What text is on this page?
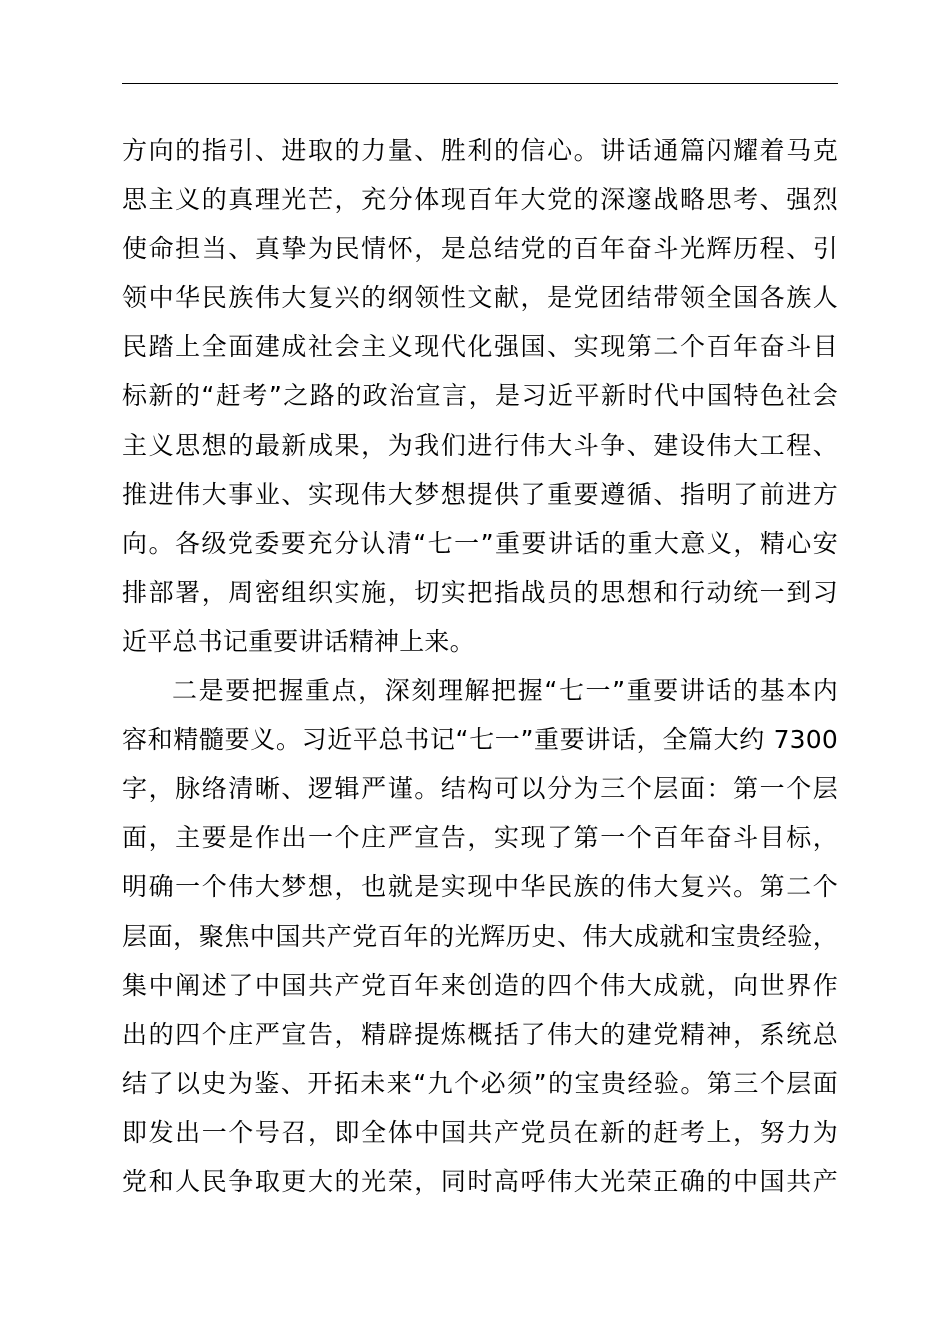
方向的指引、进取的力量、胜利的信心。讲话通篇闪耀着马克
思主义的真理光芒，充分体现百年大党的深邃战略思考、强烈
使命担当、真挚为民情怀，是总结党的百年奋斗光辉历程、引
领中华民族伟大复兴的纲领性文献，是党团结带领全国各族人
民踏上全面建成社会主义现代化强国、实现第二个百年奋斗目
标新的“赶考”之路的政治宣言，是习近平新时代中国特色社会
主义思想的最新成果，为我们进行伟大斗争、建设伟大工程、
推进伟大事业、实现伟大梦想提供了重要遵循、指明了前进方
向。各级党委要充分认清“七一”重要讲话的重大意义，精心安
排部署，周密组织实施，切实把指战员的思想和行动统一到习
近平总书记重要讲话精神上来。
二是要把握重点，深刻理解把握“七一”重要讲话的基本内
容和精髓要义。习近平总书记“七一”重要讲话，全篇大约 7300
字，脉络清晰、逻辑严谨。结构可以分为三个层面：第一个层
面，主要是作出一个庄严宣告，实现了第一个百年奋斗目标，
明确一个伟大梦想，也就是实现中华民族的伟大复兴。第二个
层面，聚焦中国共产党百年的光辉历史、伟大成就和宝贵经验，
集中阐述了中国共产党百年来创造的四个伟大成就，向世界作
出的四个庄严宣告，精辟提炼概括了伟大的建党精神，系统总
结了以史为鉴、开拓未来“九个必须”的宝贵经验。第三个层面
即发出一个号召，即全体中国共产党员在新的赶考上，努力为
党和人民争取更大的光荣，同时高呼伟大光荣正确的中国共产
